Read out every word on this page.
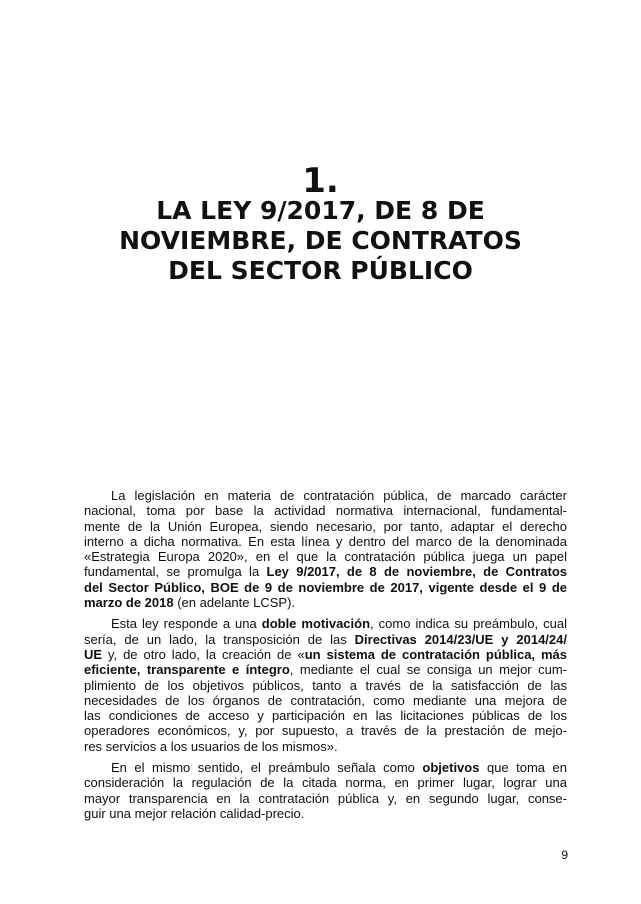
1.
LA LEY 9/2017, DE 8 DE
NOVIEMBRE, DE CONTRATOS
DEL SECTOR PÚBLICO
La legislación en materia de contratación pública, de marcado carácter
nacional, toma por base la actividad normativa internacional, fundamental-
mente de la Unión Europea, siendo necesario, por tanto, adaptar el derecho
interno a dicha normativa. En esta línea y dentro del marco de la denominada
«Estrategia Europa 2020», en el que la contratación pública juega un papel
fundamental, se promulga la Ley 9/2017, de 8 de noviembre, de Contratos
del Sector Público, BOE de 9 de noviembre de 2017, vigente desde el 9 de
marzo de 2018 (en adelante LCSP).
Esta ley responde a una doble motivación, como indica su preámbulo, cual
sería, de un lado, la transposición de las Directivas 2014/23/UE y 2014/24/
UE y, de otro lado, la creación de «un sistema de contratación pública, más
eficiente, transparente e íntegro, mediante el cual se consiga un mejor cum-
plimiento de los objetivos públicos, tanto a través de la satisfacción de las
necesidades de los órganos de contratación, como mediante una mejora de
las condiciones de acceso y participación en las licitaciones públicas de los
operadores económicos, y, por supuesto, a través de la prestación de mejo-
res servicios a los usuarios de los mismos».
En el mismo sentido, el preámbulo señala como objetivos que toma en
consideración la regulación de la citada norma, en primer lugar, lograr una
mayor transparencia en la contratación pública y, en segundo lugar, conse-
guir una mejor relación calidad-precio.

9
